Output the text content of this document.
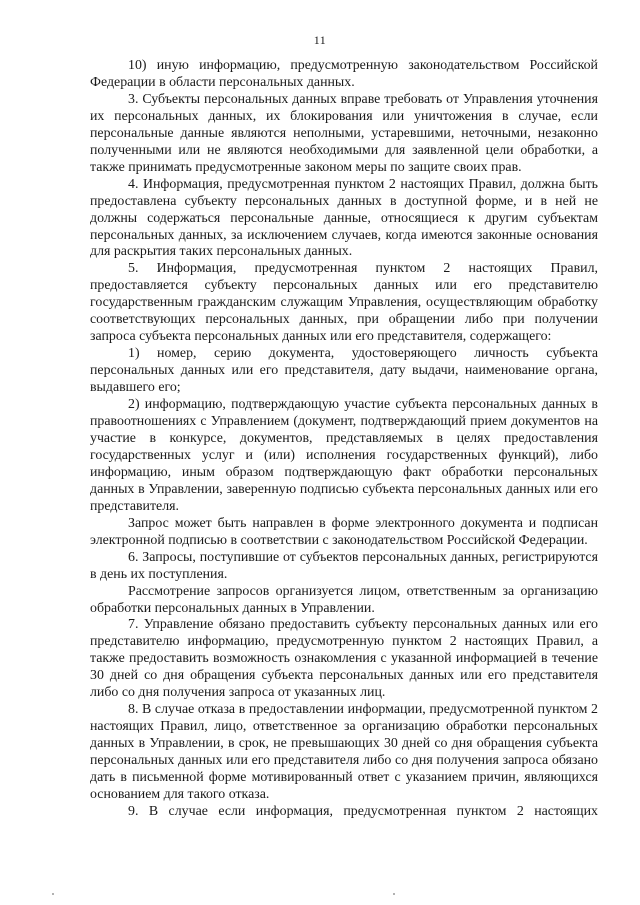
11

10) иную информацию, предусмотренную законодательством Российской Федерации в области персональных данных.

3. Субъекты персональных данных вправе требовать от Управления уточнения их персональных данных, их блокирования или уничтожения в случае, если персональные данные являются неполными, устаревшими, неточными, незаконно полученными или не являются необходимыми для заявленной цели обработки, а также принимать предусмотренные законом меры по защите своих прав.

4. Информация, предусмотренная пунктом 2 настоящих Правил, должна быть предоставлена субъекту персональных данных в доступной форме, и в ней не должны содержаться персональные данные, относящиеся к другим субъектам персональных данных, за исключением случаев, когда имеются законные основания для раскрытия таких персональных данных.

5. Информация, предусмотренная пунктом 2 настоящих Правил, предоставляется субъекту персональных данных или его представителю государственным гражданским служащим Управления, осуществляющим обработку соответствующих персональных данных, при обращении либо при получении запроса субъекта персональных данных или его представителя, содержащего:

1) номер, серию документа, удостоверяющего личность субъекта персональных данных или его представителя, дату выдачи, наименование органа, выдавшего его;

2) информацию, подтверждающую участие субъекта персональных данных в правоотношениях с Управлением (документ, подтверждающий прием документов на участие в конкурсе, документов, представляемых в целях предоставления государственных услуг и (или) исполнения государственных функций), либо информацию, иным образом подтверждающую факт обработки персональных данных в Управлении, заверенную подписью субъекта персональных данных или его представителя.

Запрос может быть направлен в форме электронного документа и подписан электронной подписью в соответствии с законодательством Российской Федерации.

6. Запросы, поступившие от субъектов персональных данных, регистрируются в день их поступления.

Рассмотрение запросов организуется лицом, ответственным за организацию обработки персональных данных в Управлении.

7. Управление обязано предоставить субъекту персональных данных или его представителю информацию, предусмотренную пунктом 2 настоящих Правил, а также предоставить возможность ознакомления с указанной информацией в течение 30 дней со дня обращения субъекта персональных данных или его представителя либо со дня получения запроса от указанных лиц.

8. В случае отказа в предоставлении информации, предусмотренной пунктом 2 настоящих Правил, лицо, ответственное за организацию обработки персональных данных в Управлении, в срок, не превышающих 30 дней со дня обращения субъекта персональных данных или его представителя либо со дня получения запроса обязано дать в письменной форме мотивированный ответ с указанием причин, являющихся основанием для такого отказа.

9. В случае если информация, предусмотренная пунктом 2 настоящих
